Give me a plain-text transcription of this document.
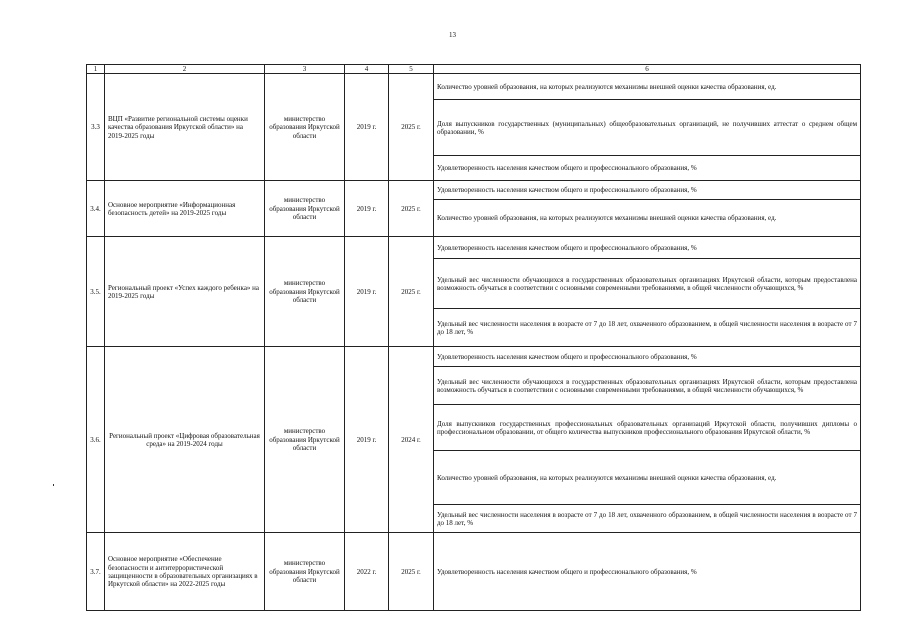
13
1	2	3	4	5	6
3.3	ВЦП «Развитие региональной системы оценки качества образования Иркутской области» на 2019-2025 годы	министерство образования Иркутской области	2019 г.	2025 г.	Количество уровней образования, на которых реализуются механизмы внешней оценки качества образования, ед.
					Доля выпускников государственных (муниципальных) общеобразовательных организаций, не получивших аттестат о среднем общем образовании, %
					Удовлетворенность населения качеством общего и профессионального образования, %
3.4.	Основное мероприятие «Информационная безопасность детей» на 2019-2025 годы	министерство образования Иркутской области	2019 г.	2025 г.	Удовлетворенность населения качеством общего и профессионального образования, %
					Количество уровней образования, на которых реализуются механизмы внешней оценки качества образования, ед.
3.5.	Региональный проект «Успех каждого ребенка» на 2019-2025 годы	министерство образования Иркутской области	2019 г.	2025 г.	Удовлетворенность населения качеством общего и профессионального образования, %
					Удельный вес численности обучающихся в государственных образовательных организациях Иркутской области, которым предоставлена возможность обучаться в соответствии с основными современными требованиями, в общей численности обучающихся, %
					Удельный вес численности населения в возрасте от 7 до 18 лет, охваченного образованием, в общей численности населения в возрасте от 7 до 18 лет, %
3.6.	Региональный проект «Цифровая образовательная среда» на 2019-2024 годы	министерство образования Иркутской области	2019 г.	2024 г.	Удовлетворенность населения качеством общего и профессионального образования, %
					Удельный вес численности обучающихся в государственных образовательных организациях Иркутской области, которым предоставлена возможность обучаться в соответствии с основными современными требованиями, в общей численности обучающихся, %
					Доля выпускников государственных профессиональных образовательных организаций Иркутской области, получивших дипломы о профессиональном образовании, от общего количества выпускников профессионального образования Иркутской области, %
					Количество уровней образования, на которых реализуются механизмы внешней оценки качества образования, ед.
					Удельный вес численности населения в возрасте от 7 до 18 лет, охваченного образованием, в общей численности населения в возрасте от 7 до 18 лет, %
3.7.	Основное мероприятие «Обеспечение безопасности и антитеррористической защищенности в образовательных организациях в Иркутской области» на 2022-2025 годы	министерство образования Иркутской области	2022 г.	2025 г.	Удовлетворенность населения качеством общего и профессионального образования, %
